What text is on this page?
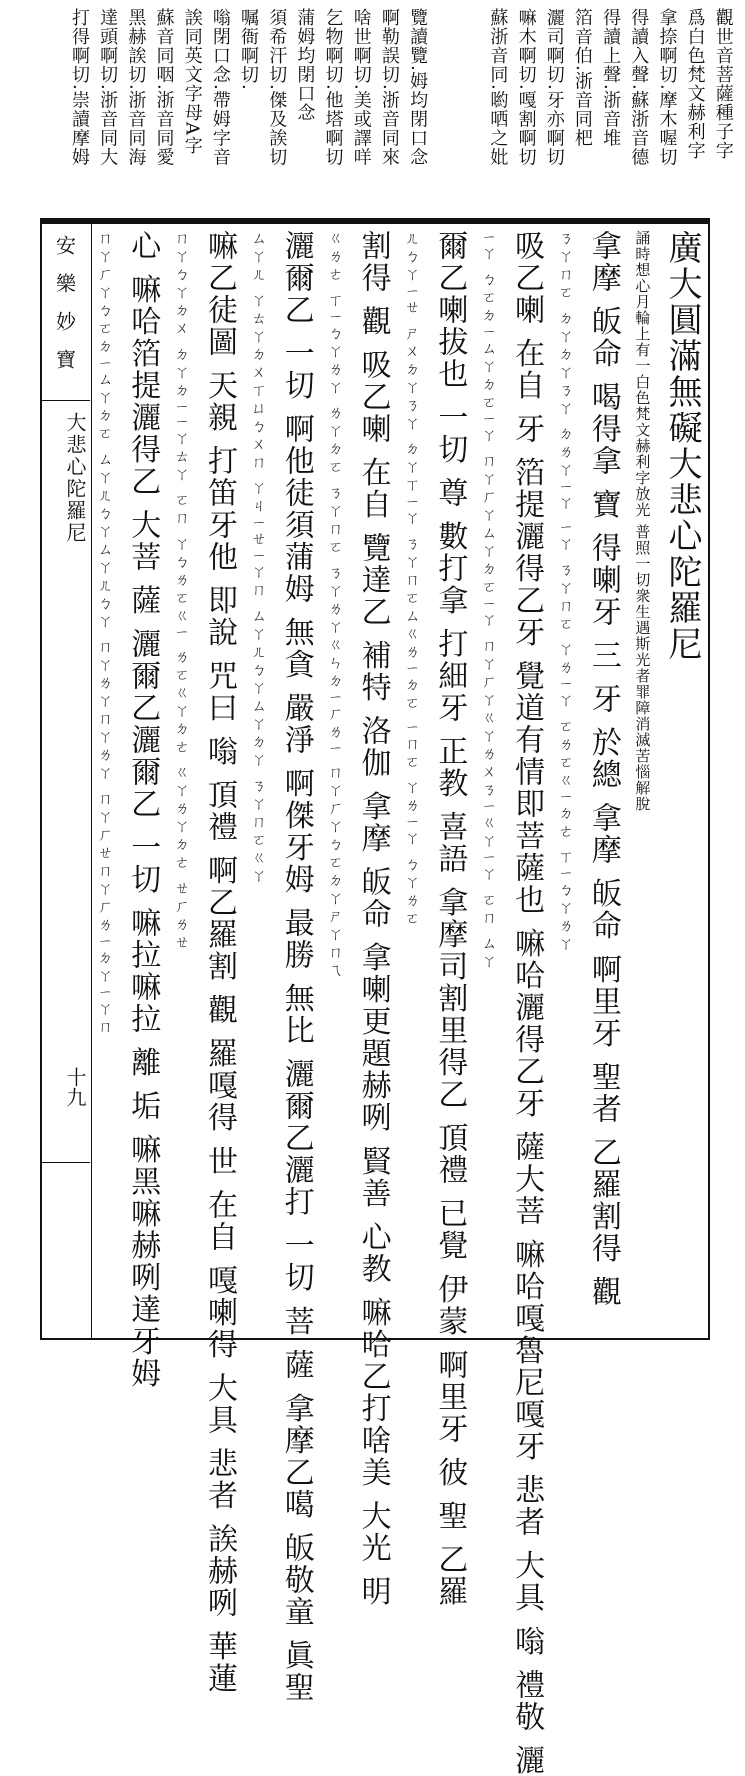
觀世音菩薩種子字
爲白色梵文赫利字
拿捺啊切.摩木喔切
得讀入聲.蘇浙音德
得讀上聲.浙音堆
箔音伯.浙音同杷
灑司啊切.牙亦啊切
嘛木啊切.嘎割啊切
蘇浙音同.喲哂之妣
覽讀覽.姆均閉口念
啊勒誤切.浙音同來
啥世啊切.美或譯咩
乞物啊切.他塔啊切
蒲姆均閉口念
須希汗切.傑及誒切
嘱衙啊切.
嗡閉口念.帶姆字音
誒同英文字母A字
蘇音同咽.浙音同愛
黑赫誒切.浙音同海
達頭啊切.浙音同大
打得啊切.崇讀摩姆
安樂妙寶
大悲心陀羅尼
十九
廣大圓滿無礙大悲心陀羅尼
誦時想心月輪上有一白色梵文赫利字放光 普照一切衆生遇斯光者罪障消滅苦惱解脫
拿摩 皈命 喝得拿 寶 得喇牙 三 牙 於總 拿摩 皈命 啊里牙 聖者 乙羅割得 觀
ㄋㄚㄇㄛ ㄉㄚㄉㄚㄋㄚ ㄉㄌㄚㄧㄚ ㄧㄚ ㄋㄚㄇㄛ ㄚㄌㄧㄚ ㄛㄌㄛㄍㄧㄉㄜ ㄒㄧㄅㄚㄌㄚ
吸乙喇 在自 牙 箔提灑得乙牙 覺道有情即菩薩也 嘛哈灑得乙牙 薩大菩 嘛哈嘎魯尼嘎牙 悲者 大具 嗡 禮敬 灑
ㄧㄚ ㄅㄛㄉㄧㄙㄚㄉㄛㄧㄚ ㄇㄚㄏㄚㄙㄚㄉㄛㄧㄚ ㄇㄚㄏㄚㄍㄚㄌㄨㄋㄧㄍㄚㄧㄚ ㄛㄇ ㄙㄚ
爾乙喇拔也 一切 尊 數打拿 打細牙 正教 喜語 拿摩司割里得乙 頂禮 已覺 伊蒙 啊里牙 彼 聖 乙羅
ㄦㄅㄚㄧㄝ ㄕㄨㄉㄚㄋㄚ ㄉㄚㄒㄧㄚ ㄋㄚㄇㄛㄙㄍㄌㄧㄉㄛ ㄧㄇㄛ ㄚㄌㄧㄚ ㄅㄚㄌㄛ
割得 觀 吸乙喇 在自 覽達乙 補特 洛伽 拿摩 皈命 拿喇更題赫咧 賢善 心教 嘛哈乙打啥美 大光 明
ㄍㄌㄜ ㄒㄧㄅㄚㄌㄚ ㄌㄚㄉㄛ ㄋㄚㄇㄛ ㄋㄚㄌㄚㄍㄣㄉㄧㄏㄌㄧ ㄇㄚㄏㄚㄅㄛㄉㄚㄕㄚㄇㄟ
灑爾乙 一切 啊他徒須蒲姆 無貪 嚴淨 啊傑牙姆 最勝 無比 灑爾乙灑打 一切 菩 薩 拿摩乙噶 皈敬童 眞聖
ㄙㄚㄦ ㄚㄊㄚㄉㄨㄒㄩㄅㄨㄇ ㄚㄐㄧㄝㄧㄚㄇ ㄙㄚㄦㄅㄚㄙㄚㄉㄚ ㄋㄚㄇㄛㄍㄚ
嘛乙徒圖 天親 打笛牙他 即說 咒曰 嗡 頂禮 啊乙羅割 觀 羅嘎得 世 在自 嘎喇得 大具 悲者 誒赫咧 華蓮
ㄇㄚㄅㄚㄉㄨ ㄉㄚㄉㄧㄧㄚㄊㄚ ㄛㄇ ㄚㄅㄌㄛㄍㄧ ㄌㄛㄍㄚㄉㄜ ㄍㄚㄌㄚㄉㄜ ㄝㄏㄌㄝ
心 嘛哈箔提灑得乙 大菩 薩 灑爾乙灑爾乙 一切 嘛拉嘛拉 離 垢 嘛黑嘛赫咧達牙姆
ㄇㄚㄏㄚㄅㄛㄉㄧㄙㄚㄉㄛ ㄙㄚㄦㄅㄚㄙㄚㄦㄅㄚ ㄇㄚㄌㄚㄇㄚㄌㄚ ㄇㄚㄏㄝㄇㄚㄏㄌㄧㄉㄚㄧㄚㄇ
